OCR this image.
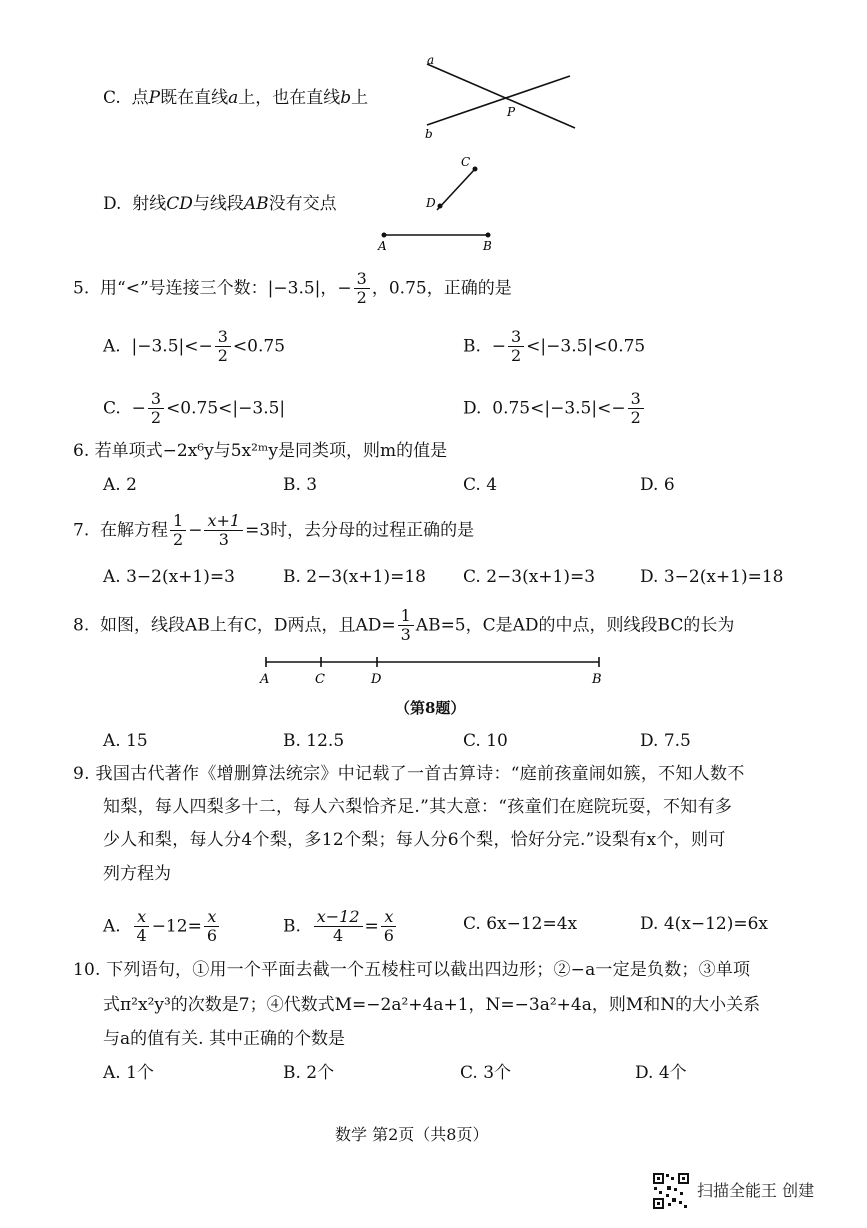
C. 点P既在直线a上，也在直线b上
a
b
P
D. 射线CD与线段AB没有交点
C
D
A	B
5. 用“<”号连接三个数：|−3.5|，− $\frac{3}{2}$ ，0.75，正确的是
A. $|-3.5|<- \frac{3}{2} <0.75$	B. − $\frac{3}{2} <|-3.5|<0.75$
C. − $\frac{3}{2} <0.75<|-3.5|$	D. $0.75<|-3.5|<- \frac{3}{2}$
6. 若单项式−2x⁶y与5x²ᵐy是同类项，则m的值是
A. 2	B. 3	C. 4	D. 6
7. 在解方程 $\frac{1}{2} - \frac{x+1}{3} =3$时，去分母的过程正确的是
A. 3−2(x+1)=3	B. 2−3(x+1)=18 C. 2−3(x+1)=3	D. 3−2(x+1)=18
8. 如图，线段AB上有C，D两点，且$AD= \frac{1}{3} AB=5$，C是AD的中点，则线段BC的长为
A	C	D	B
（第8题）
A. 15	B. 12.5	C. 10	D. 7.5
9. 我国古代著作《增删算法统宗》中记载了一首古算诗：“庭前孩童闹如簇，不知人数不
知梨，每人四梨多十二，每人六梨恰齐足.”其大意：“孩童们在庭院玩耍，不知有多
少人和梨，每人分4个梨，多12个梨；每人分6个梨，恰好分完.”设梨有x个，则可
列方程为
A. $\frac{x}{4} -12= \frac{x}{6}$	B. $\frac{x-12}{4} = \frac{x}{6}$	C. 6x−12=4x	D. 4(x−12)=6x
10. 下列语句，①用一个平面去截一个五棱柱可以截出四边形；②−a一定是负数；③单项
式π²x²y³的次数是7；④代数式M=−2a²+4a+1，N=−3a²+4a，则M和N的大小关系
与a的值有关. 其中正确的个数是
A. 1个	B. 2个	C. 3个	D. 4个
数学 第2页（共8页）
扫描全能王 创建
